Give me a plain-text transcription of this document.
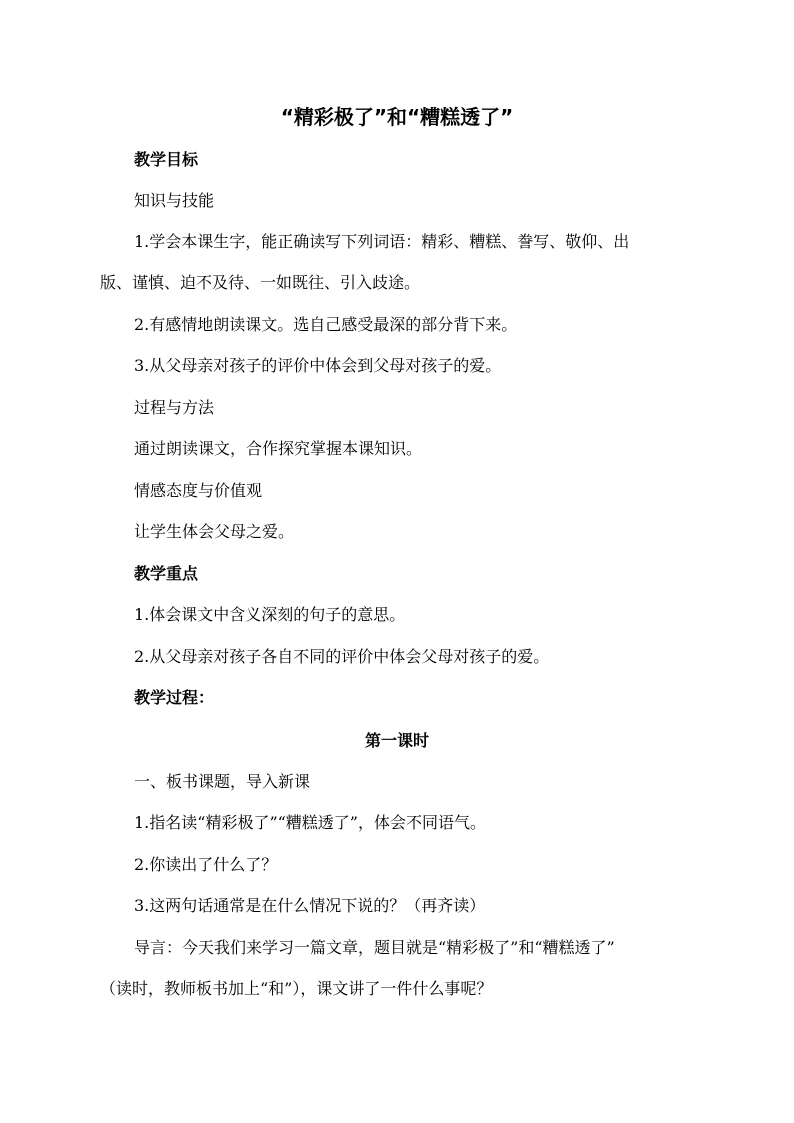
“精彩极了”和“糟糕透了”
教学目标
知识与技能
1.学会本课生字，能正确读写下列词语：精彩、糟糕、誊写、敬仰、出
版、谨慎、迫不及待、一如既往、引入歧途。
2.有感情地朗读课文。选自己感受最深的部分背下来。
3.从父母亲对孩子的评价中体会到父母对孩子的爱。
过程与方法
通过朗读课文，合作探究掌握本课知识。
情感态度与价值观
让学生体会父母之爱。
教学重点
1.体会课文中含义深刻的句子的意思。
2.从父母亲对孩子各自不同的评价中体会父母对孩子的爱。
教学过程：
第一课时
一、板书课题，导入新课
1.指名读“精彩极了”“糟糕透了”，体会不同语气。
2.你读出了什么了？
3.这两句话通常是在什么情况下说的？（再齐读）
导言：今天我们来学习一篇文章，题目就是“精彩极了”和“糟糕透了”
（读时，教师板书加上“和”），课文讲了一件什么事呢？
